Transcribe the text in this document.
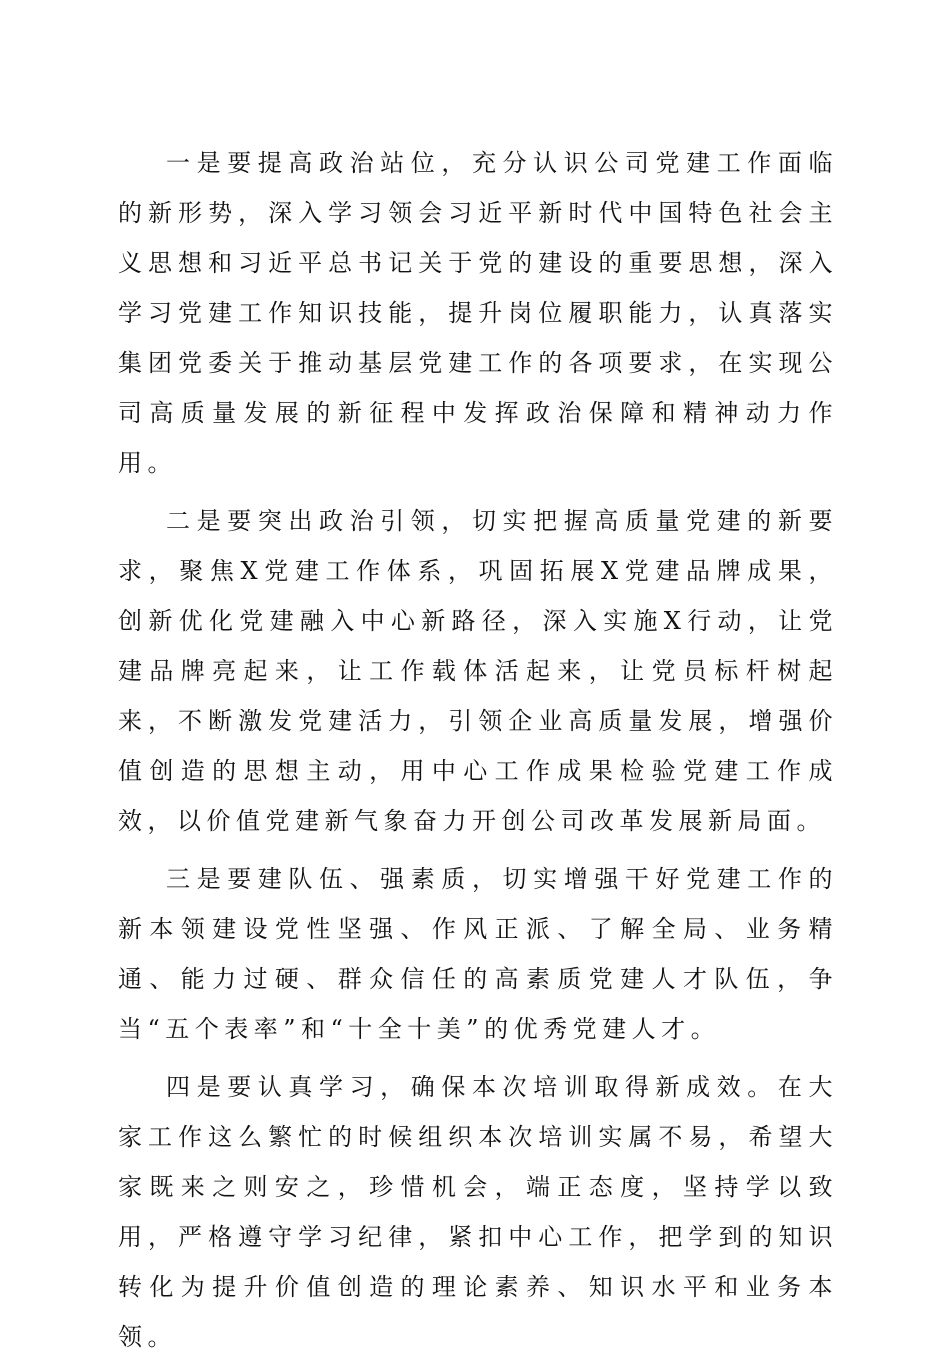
一是要提高政治站位，充分认识公司党建工作面临的新形势，深入学习领会习近平新时代中国特色社会主义思想和习近平总书记关于党的建设的重要思想，深入学习党建工作知识技能，提升岗位履职能力，认真落实集团党委关于推动基层党建工作的各项要求，在实现公司高质量发展的新征程中发挥政治保障和精神动力作用。

二是要突出政治引领，切实把握高质量党建的新要求，聚焦X党建工作体系，巩固拓展X党建品牌成果，创新优化党建融入中心新路径，深入实施X行动，让党建品牌亮起来，让工作载体活起来，让党员标杆树起来，不断激发党建活力，引领企业高质量发展，增强价值创造的思想主动，用中心工作成果检验党建工作成效，以价值党建新气象奋力开创公司改革发展新局面。

三是要建队伍、强素质，切实增强干好党建工作的新本领建设党性坚强、作风正派、了解全局、业务精通、能力过硬、群众信任的高素质党建人才队伍，争当“五个表率”和“十全十美”的优秀党建人才。

四是要认真学习，确保本次培训取得新成效。在大家工作这么繁忙的时候组织本次培训实属不易，希望大家既来之则安之，珍惜机会，端正态度，坚持学以致用，严格遵守学习纪律，紧扣中心工作，把学到的知识转化为提升价值创造的理论素养、知识水平和业务本领。
